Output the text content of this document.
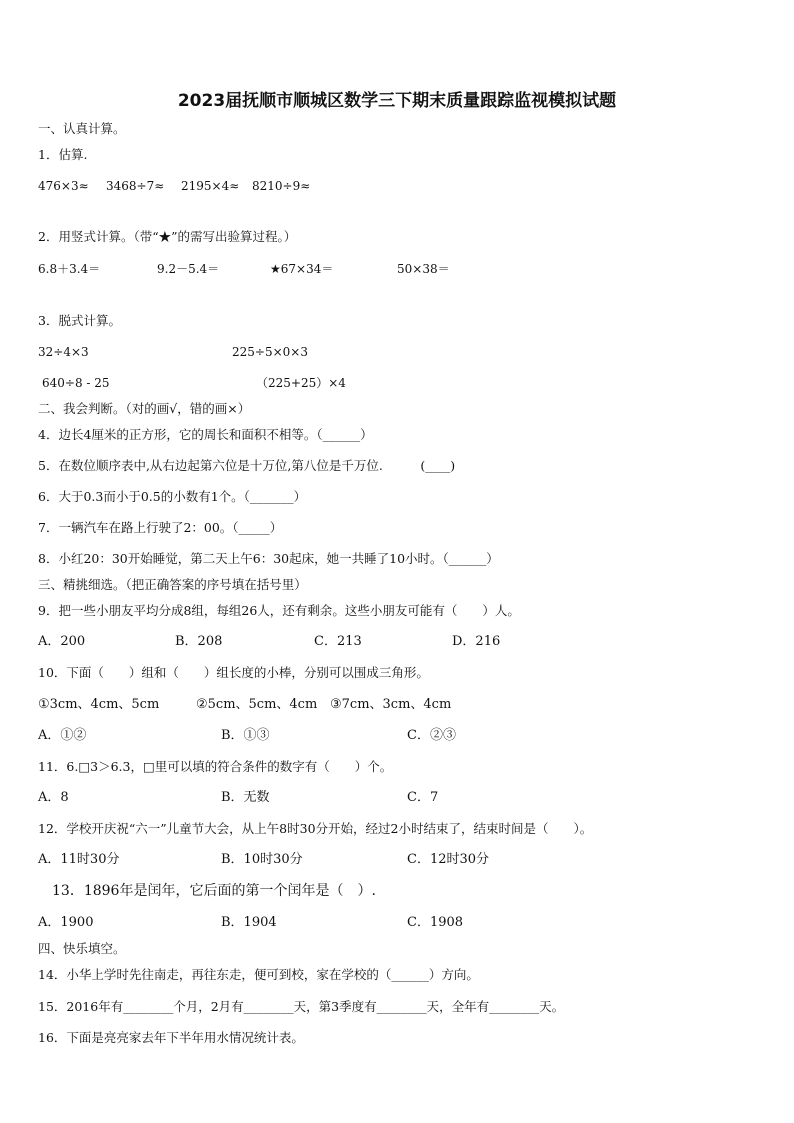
2023届抚顺市顺城区数学三下期末质量跟踪监视模拟试题
一、认真计算。
1．估算.
476×3≈ 3468÷7≈ 2195×4≈ 8210÷9≈
2．用竖式计算。（带“★”的需写出验算过程。）
6.8＋3.4＝	9.2－5.4＝	★67×34＝	50×38＝
3．脱式计算。
32÷4×3	225÷5×0×3
640÷8 - 25	（225+25）×4
二、我会判断。（对的画√，错的画×）
4．边长4厘米的正方形，它的周长和面积不相等。（______）
5．在数位顺序表中,从右边起第六位是十万位,第八位是千万位.　　　(____)
6．大于0.3而小于0.5的小数有1个。（_______）
7．一辆汽车在路上行驶了2：00。（_____）
8．小红20：30开始睡觉，第二天上午6：30起床，她一共睡了10小时。（______）
三、精挑细选。（把正确答案的序号填在括号里）
9．把一些小朋友平均分成8组，每组26人，还有剩余。这些小朋友可能有（　　）人。
A．200	B．208	C．213	D．216
10．下面（　　）组和（　　）组长度的小棒，分别可以围成三角形。
①3cm、4cm、5cm	②5cm、5cm、4cm ③7cm、3cm、4cm
A．①②	B．①③	C．②③
11．6.□3＞6.3，□里可以填的符合条件的数字有（　　）个。
A．8	B．无数	C．7
12．学校开庆祝“六一”儿童节大会，从上午8时30分开始，经过2小时结束了，结束时间是（　　）。
A．11时30分	B．10时30分	C．12时30分
13．1896年是闰年，它后面的第一个闰年是（　）.
A．1900	B．1904	C．1908
四、快乐填空。
14．小华上学时先往南走，再往东走，便可到校，家在学校的（______）方向。
15．2016年有________个月，2月有________天，第3季度有________天，全年有________天。
16．下面是亮亮家去年下半年用水情况统计表。
